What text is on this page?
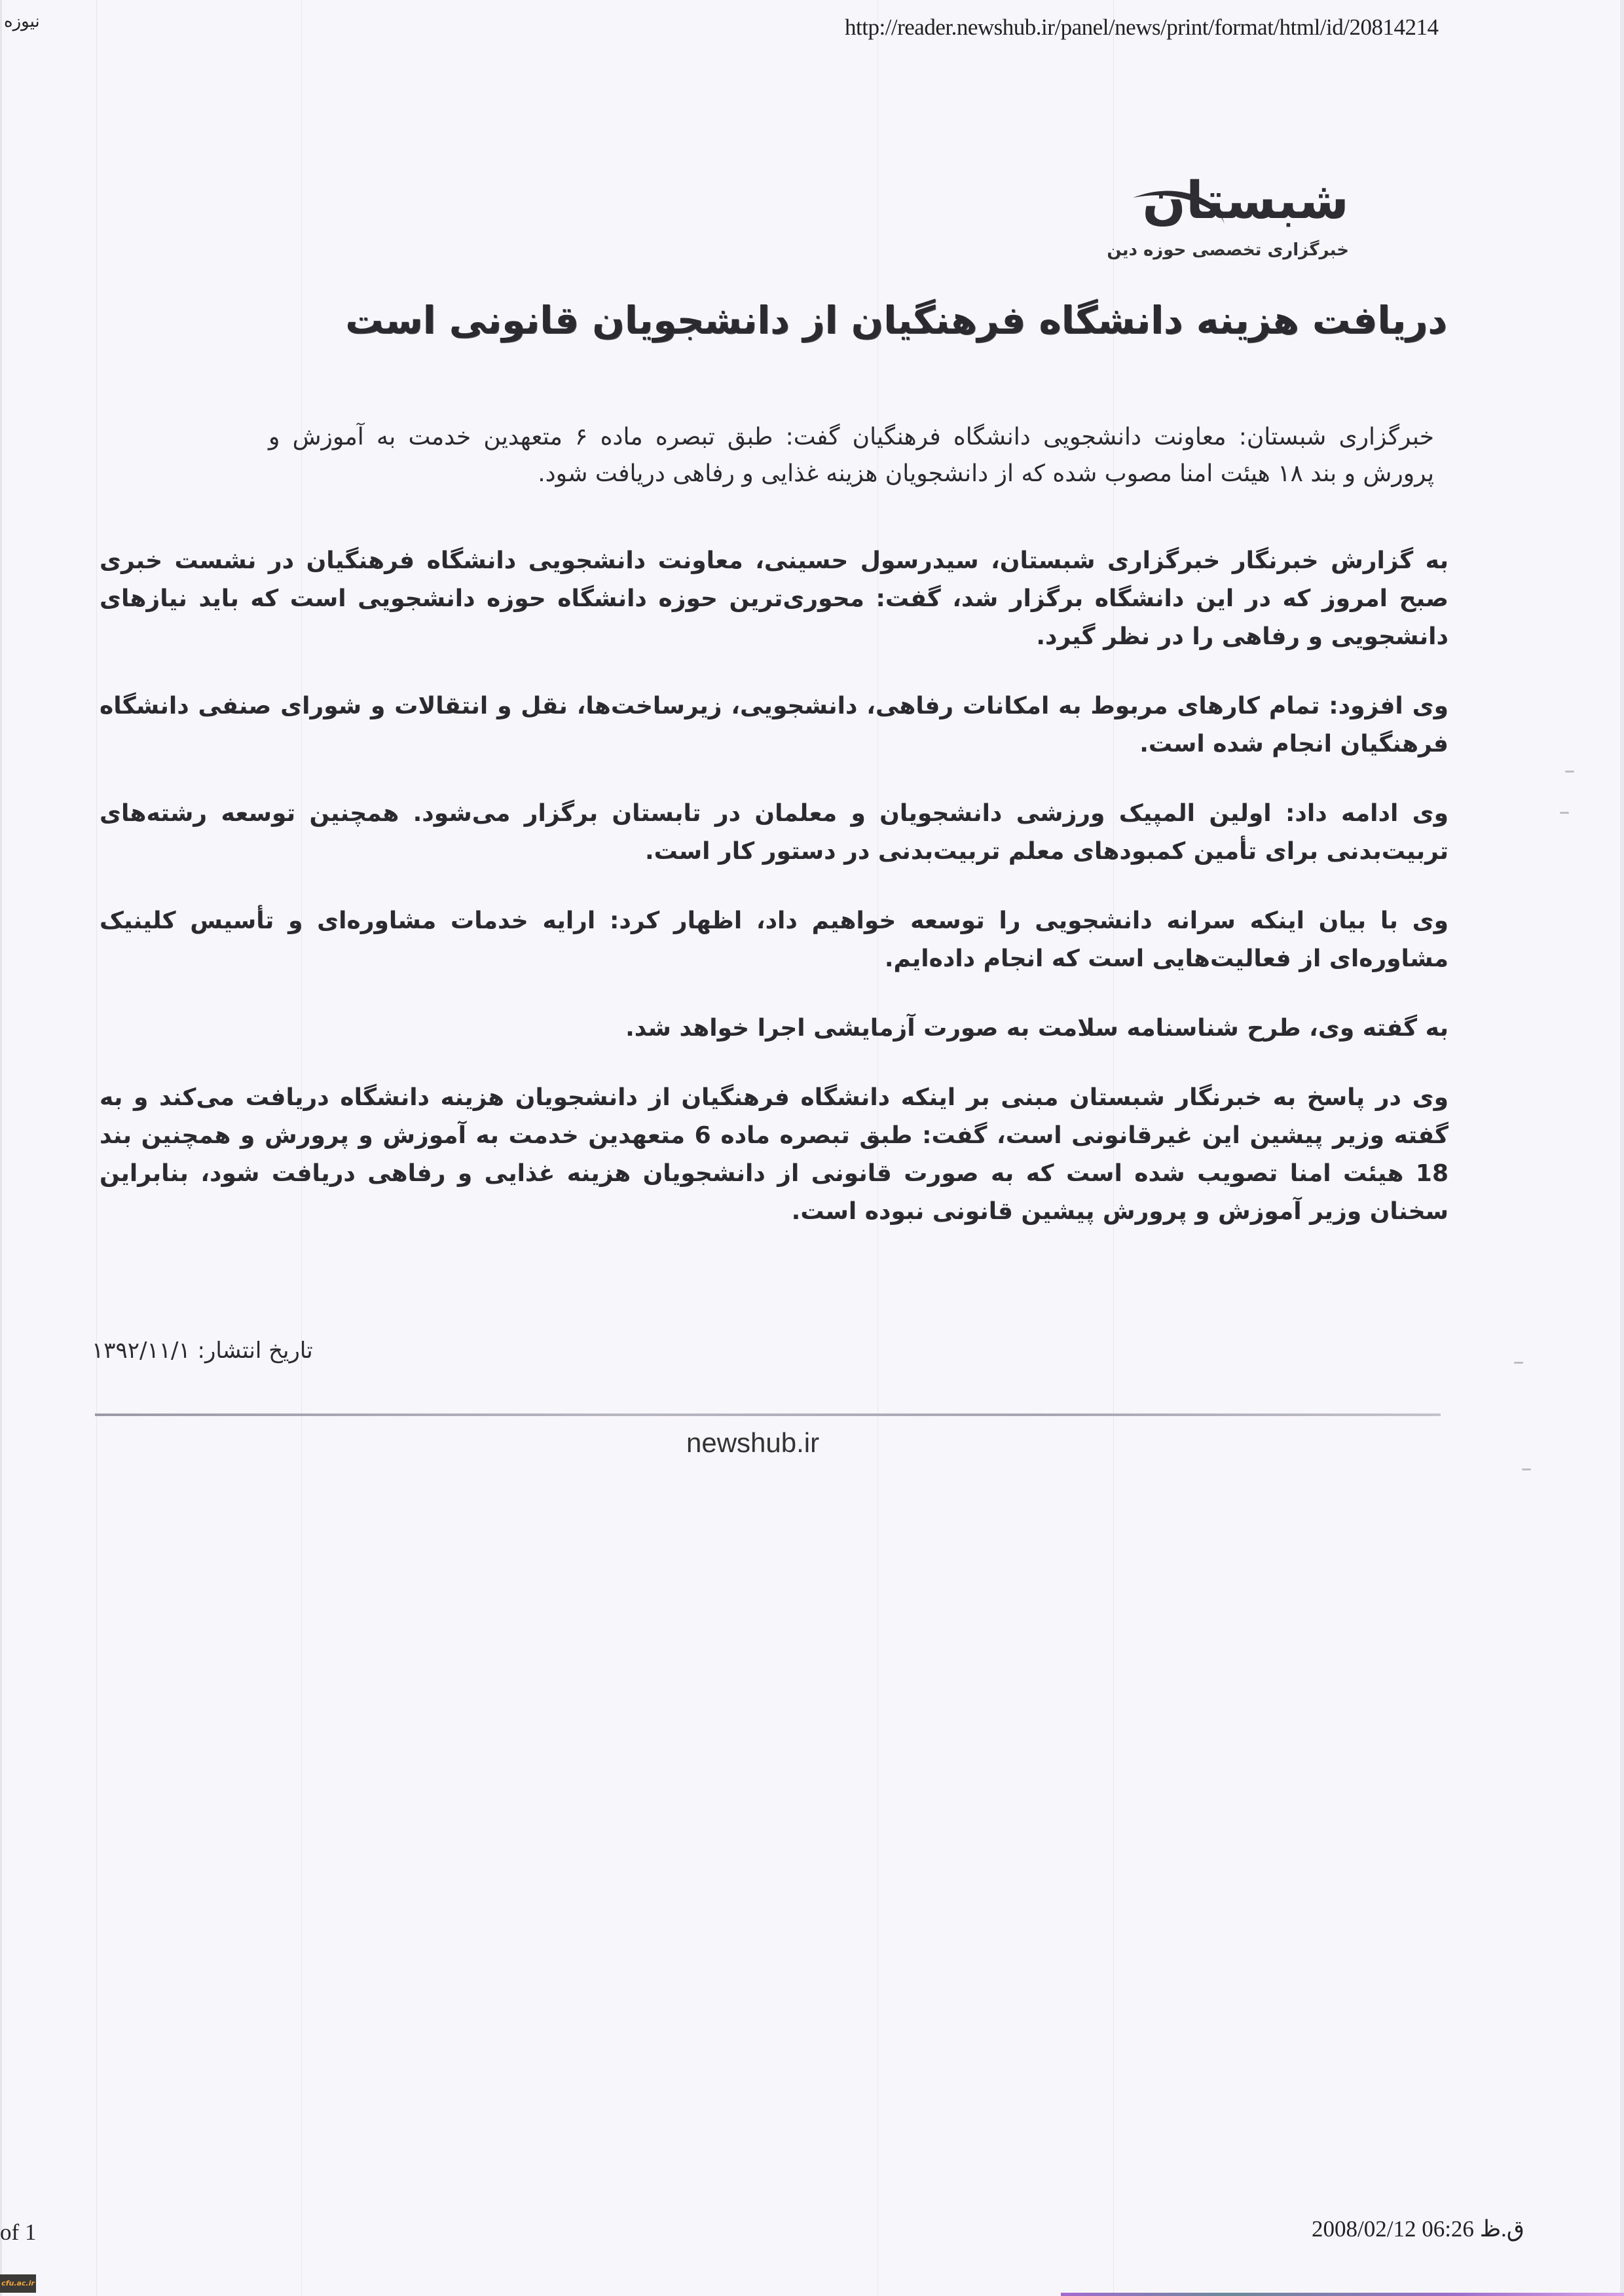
نیوزه	http://reader.newshub.ir/panel/news/print/format/html/id/20814214
شبستان
خبرگزاری تخصصی حوزه دین
دریافت هزینه دانشگاه فرهنگیان از دانشجویان قانونی است
خبرگزاری شبستان: معاونت دانشجویی دانشگاه فرهنگیان گفت: طبق تبصره ماده ۶ متعهدین خدمت به آموزش و پرورش و بند ۱۸ هیئت امنا مصوب شده که از دانشجویان هزینه غذایی و رفاهی دریافت شود.

به گزارش خبرنگار خبرگزاری شبستان، سیدرسول حسینی، معاونت دانشجویی دانشگاه فرهنگیان در نشست خبری صبح امروز که در این دانشگاه برگزار شد، گفت: محوری‌ترین حوزه دانشگاه حوزه دانشجویی است که باید نیازهای دانشجویی و رفاهی را در نظر گیرد.

وی افزود: تمام کارهای مربوط به امکانات رفاهی، دانشجویی، زیرساخت‌ها، نقل و انتقالات و شورای صنفی دانشگاه فرهنگیان انجام شده است.

وی ادامه داد: اولین المپیک ورزشی دانشجویان و معلمان در تابستان برگزار می‌شود. همچنین توسعه رشته‌های تربیت‌بدنی برای تأمین کمبودهای معلم تربیت‌بدنی در دستور کار است.

وی با بیان اینکه سرانه دانشجویی را توسعه خواهیم داد، اظهار کرد: ارایه خدمات مشاوره‌ای و تأسیس کلینیک مشاوره‌ای از فعالیت‌هایی است که انجام داده‌ایم.

به گفته وی، طرح شناسنامه سلامت به صورت آزمایشی اجرا خواهد شد.

وی در پاسخ به خبرنگار شبستان مبنی بر اینکه دانشگاه فرهنگیان از دانشجویان هزینه دانشگاه دریافت می‌کند و به گفته وزیر پیشین این غیرقانونی است، گفت: طبق تبصره ماده 6 متعهدین خدمت به آموزش و پرورش و همچنین بند 18 هیئت امنا تصویب شده است که به صورت قانونی از دانشجویان هزینه غذایی و رفاهی دریافت شود، بنابراین سخنان وزیر آموزش و پرورش پیشین قانونی نبوده است.

تاریخ انتشار: ۱۳۹۲/۱۱/۱
newshub.ir
of 1	2008/02/12 06:26 ق.ظ
cfu.ac.ir
